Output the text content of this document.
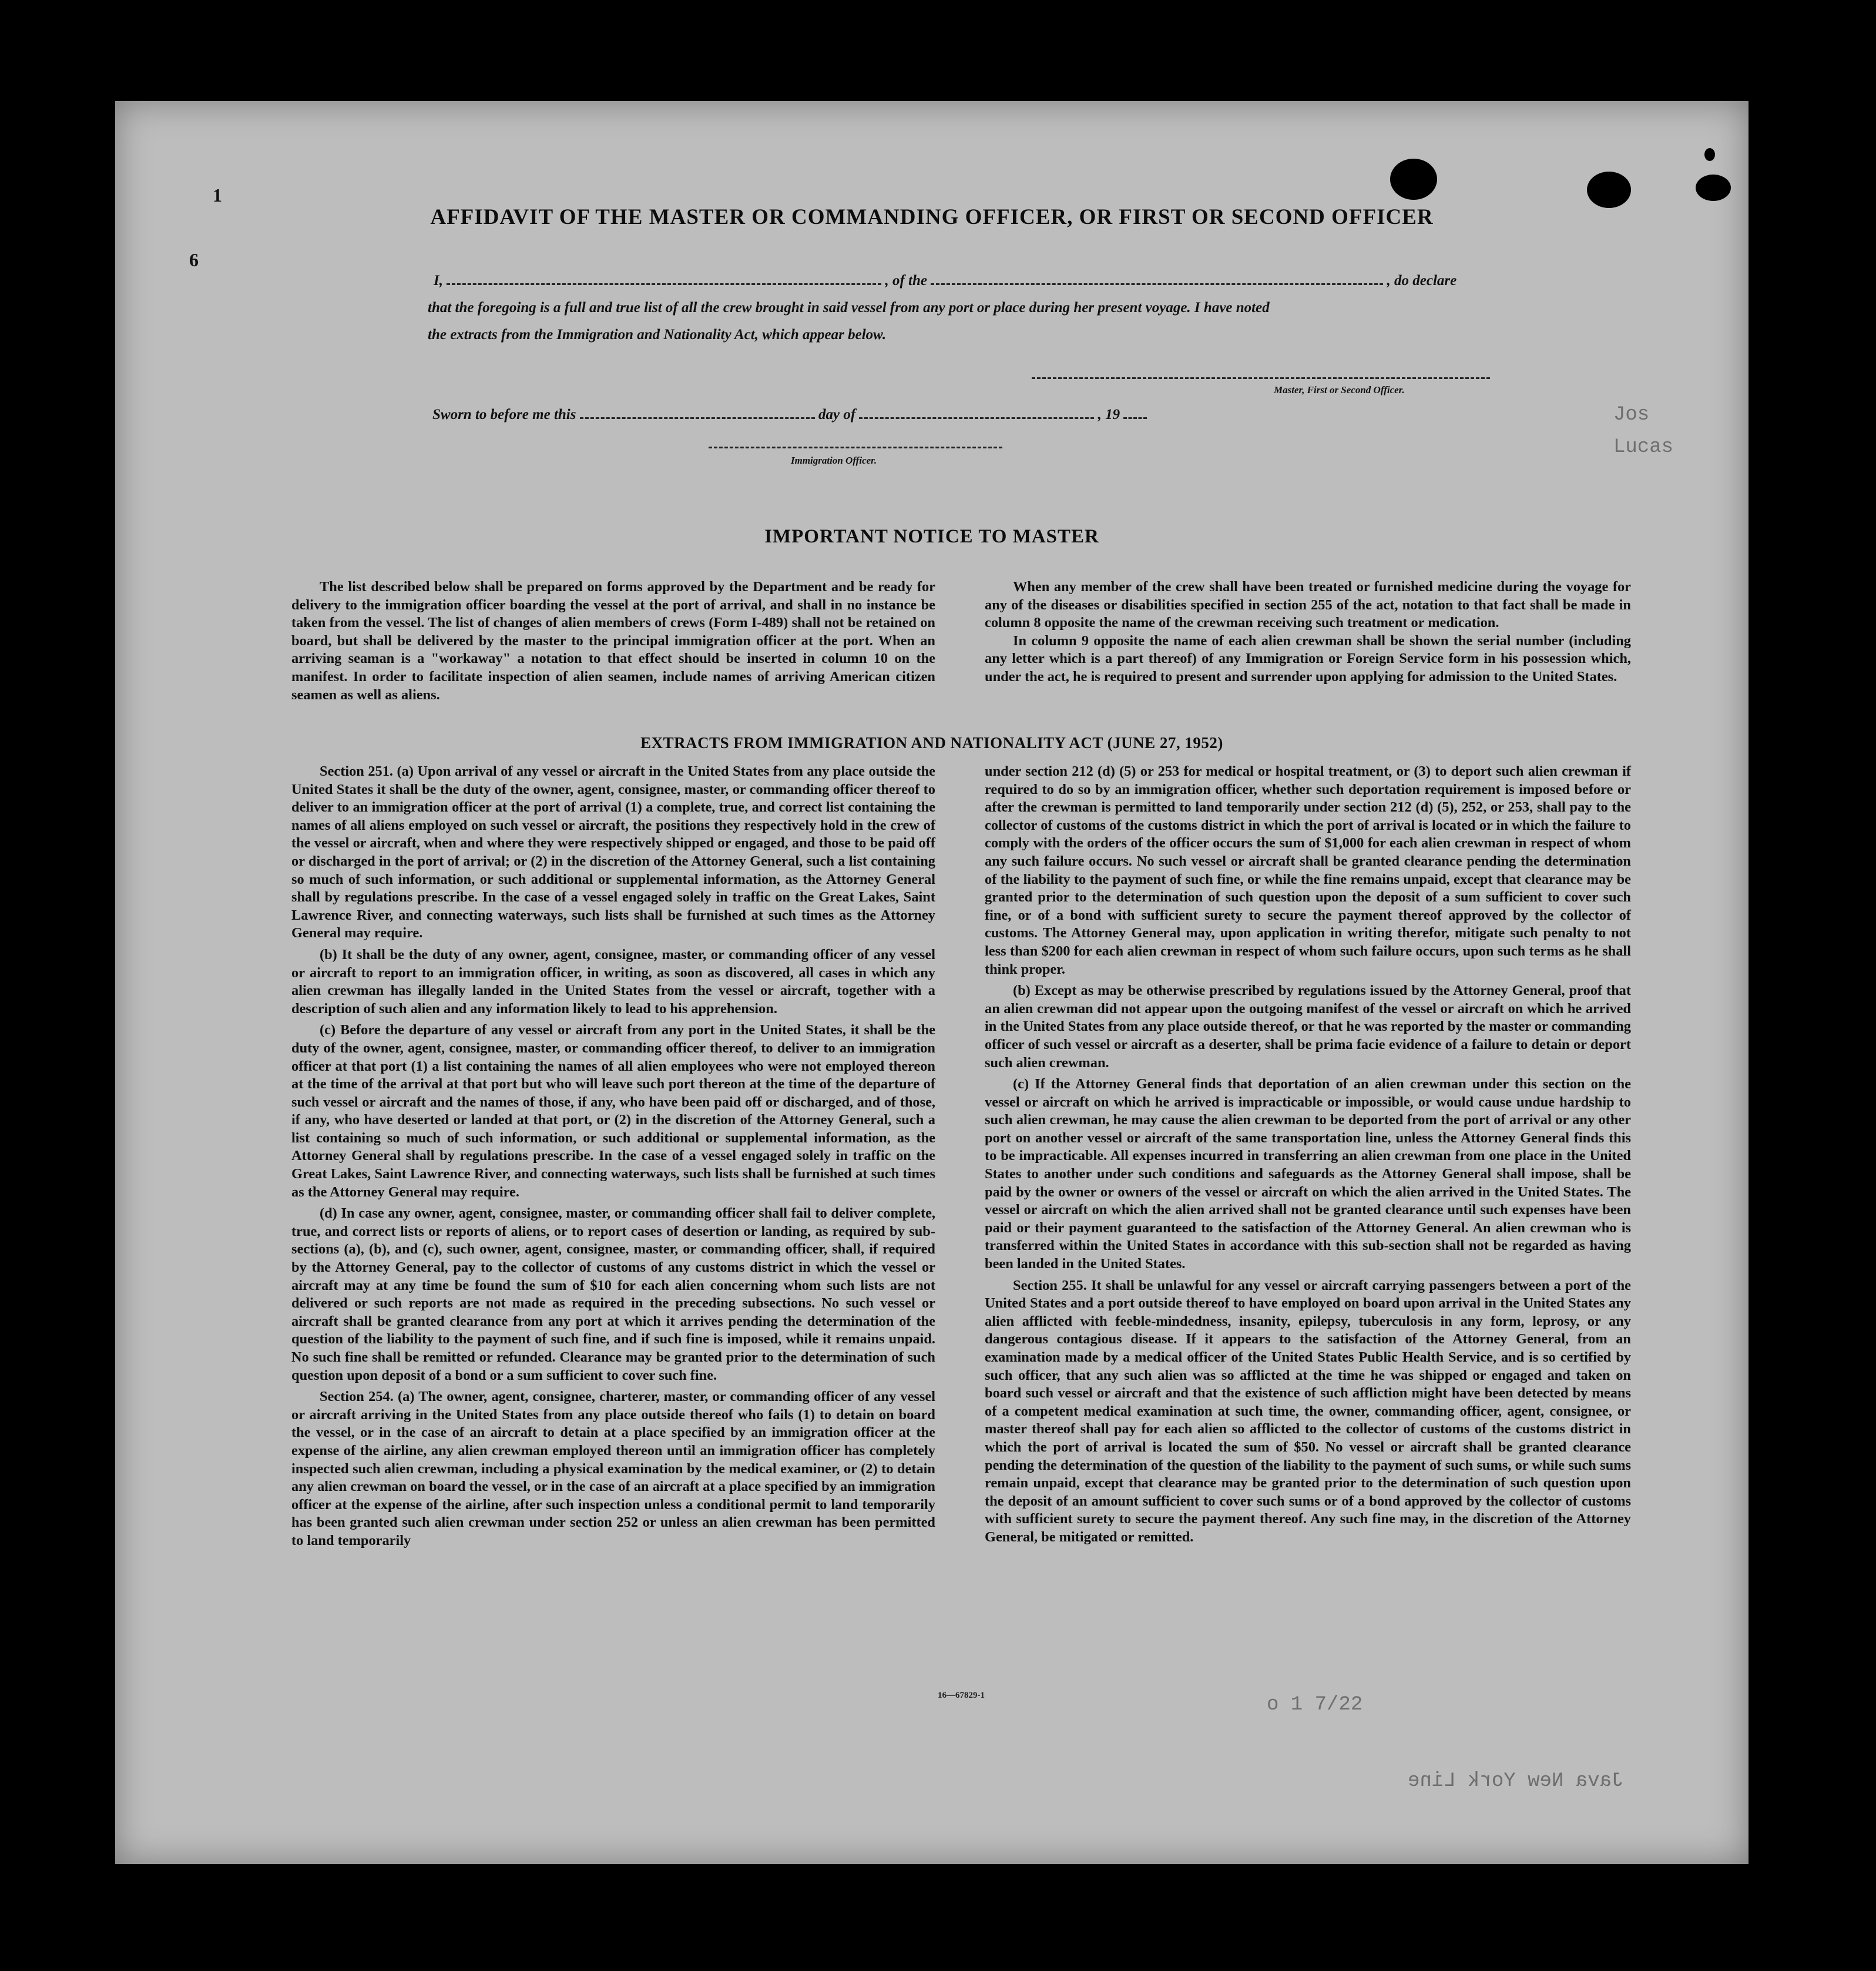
Jos
Lucas
o 1 7/22
Java New York Line
1
6
AFFIDAVIT OF THE MASTER OR COMMANDING OFFICER, OR FIRST OR SECOND OFFICER
I,	, of the	, do declare
that the foregoing is a full and true list of all the crew brought in said vessel from any port or place during her present voyage. I have noted
the extracts from the Immigration and Nationality Act, which appear below.
Master, First or Second Officer.
Sworn to before me this	day of	, 19
Immigration Officer.
IMPORTANT NOTICE TO MASTER

The list described below shall be prepared on forms approved by the Department and be ready for delivery to the immigration officer boarding the vessel at the port of arrival, and shall in no instance be taken from the vessel. The list of changes of alien members of crews (Form I-489) shall not be retained on board, but shall be delivered by the master to the principal immigration officer at the port. When an arriving seaman is a "workaway" a notation to that effect should be inserted in column 10 on the manifest. In order to facilitate inspection of alien seamen, include names of arriving American citizen seamen as well as aliens.

When any member of the crew shall have been treated or furnished medicine during the voyage for any of the diseases or disabilities specified in section 255 of the act, notation to that fact shall be made in column 8 opposite the name of the crewman receiving such treatment or medication.

In column 9 opposite the name of each alien crewman shall be shown the serial number (including any letter which is a part thereof) of any Immigration or Foreign Service form in his possession which, under the act, he is required to present and surrender upon applying for admission to the United States.

EXTRACTS FROM IMMIGRATION AND NATIONALITY ACT (JUNE 27, 1952)

Section 251. (a) Upon arrival of any vessel or aircraft in the United States from any place outside the United States it shall be the duty of the owner, agent, consignee, master, or commanding officer thereof to deliver to an immigration officer at the port of arrival (1) a complete, true, and correct list containing the names of all aliens employed on such vessel or aircraft, the positions they respectively hold in the crew of the vessel or aircraft, when and where they were respectively shipped or engaged, and those to be paid off or discharged in the port of arrival; or (2) in the discretion of the Attorney General, such a list containing so much of such information, or such additional or supplemental information, as the Attorney General shall by regulations prescribe. In the case of a vessel engaged solely in traffic on the Great Lakes, Saint Lawrence River, and connecting waterways, such lists shall be furnished at such times as the Attorney General may require.

(b) It shall be the duty of any owner, agent, consignee, master, or commanding officer of any vessel or aircraft to report to an immigration officer, in writing, as soon as discovered, all cases in which any alien crewman has illegally landed in the United States from the vessel or aircraft, together with a description of such alien and any information likely to lead to his apprehension.

(c) Before the departure of any vessel or aircraft from any port in the United States, it shall be the duty of the owner, agent, consignee, master, or commanding officer thereof, to deliver to an immigration officer at that port (1) a list containing the names of all alien employees who were not employed thereon at the time of the arrival at that port but who will leave such port thereon at the time of the departure of such vessel or aircraft and the names of those, if any, who have been paid off or discharged, and of those, if any, who have deserted or landed at that port, or (2) in the discretion of the Attorney General, such a list containing so much of such information, or such additional or supplemental information, as the Attorney General shall by regulations prescribe. In the case of a vessel engaged solely in traffic on the Great Lakes, Saint Lawrence River, and connecting waterways, such lists shall be furnished at such times as the Attorney General may require.

(d) In case any owner, agent, consignee, master, or commanding officer shall fail to deliver complete, true, and correct lists or reports of aliens, or to report cases of desertion or landing, as required by sub-sections (a), (b), and (c), such owner, agent, consignee, master, or commanding officer, shall, if required by the Attorney General, pay to the collector of customs of any customs district in which the vessel or aircraft may at any time be found the sum of $10 for each alien concerning whom such lists are not delivered or such reports are not made as required in the preceding subsections. No such vessel or aircraft shall be granted clearance from any port at which it arrives pending the determination of the question of the liability to the payment of such fine, and if such fine is imposed, while it remains unpaid. No such fine shall be remitted or refunded. Clearance may be granted prior to the determination of such question upon deposit of a bond or a sum sufficient to cover such fine.

Section 254. (a) The owner, agent, consignee, charterer, master, or commanding officer of any vessel or aircraft arriving in the United States from any place outside thereof who fails (1) to detain on board the vessel, or in the case of an aircraft to detain at a place specified by an immigration officer at the expense of the airline, any alien crewman employed thereon until an immigration officer has completely inspected such alien crewman, including a physical examination by the medical examiner, or (2) to detain any alien crewman on board the vessel, or in the case of an aircraft at a place specified by an immigration officer at the expense of the airline, after such inspection unless a conditional permit to land temporarily has been granted such alien crewman under section 252 or unless an alien crewman has been permitted to land temporarily

under section 212 (d) (5) or 253 for medical or hospital treatment, or (3) to deport such alien crewman if required to do so by an immigration officer, whether such deportation requirement is imposed before or after the crewman is permitted to land temporarily under section 212 (d) (5), 252, or 253, shall pay to the collector of customs of the customs district in which the port of arrival is located or in which the failure to comply with the orders of the officer occurs the sum of $1,000 for each alien crewman in respect of whom any such failure occurs. No such vessel or aircraft shall be granted clearance pending the determination of the liability to the payment of such fine, or while the fine remains unpaid, except that clearance may be granted prior to the determination of such question upon the deposit of a sum sufficient to cover such fine, or of a bond with sufficient surety to secure the payment thereof approved by the collector of customs. The Attorney General may, upon application in writing therefor, mitigate such penalty to not less than $200 for each alien crewman in respect of whom such failure occurs, upon such terms as he shall think proper.

(b) Except as may be otherwise prescribed by regulations issued by the Attorney General, proof that an alien crewman did not appear upon the outgoing manifest of the vessel or aircraft on which he arrived in the United States from any place outside thereof, or that he was reported by the master or commanding officer of such vessel or aircraft as a deserter, shall be prima facie evidence of a failure to detain or deport such alien crewman.

(c) If the Attorney General finds that deportation of an alien crewman under this section on the vessel or aircraft on which he arrived is impracticable or impossible, or would cause undue hardship to such alien crewman, he may cause the alien crewman to be deported from the port of arrival or any other port on another vessel or aircraft of the same transportation line, unless the Attorney General finds this to be impracticable. All expenses incurred in transferring an alien crewman from one place in the United States to another under such conditions and safeguards as the Attorney General shall impose, shall be paid by the owner or owners of the vessel or aircraft on which the alien arrived in the United States. The vessel or aircraft on which the alien arrived shall not be granted clearance until such expenses have been paid or their payment guaranteed to the satisfaction of the Attorney General. An alien crewman who is transferred within the United States in accordance with this sub-section shall not be regarded as having been landed in the United States.

Section 255. It shall be unlawful for any vessel or aircraft carrying passengers between a port of the United States and a port outside thereof to have employed on board upon arrival in the United States any alien afflicted with feeble-mindedness, insanity, epilepsy, tuberculosis in any form, leprosy, or any dangerous contagious disease. If it appears to the satisfaction of the Attorney General, from an examination made by a medical officer of the United States Public Health Service, and is so certified by such officer, that any such alien was so afflicted at the time he was shipped or engaged and taken on board such vessel or aircraft and that the existence of such affliction might have been detected by means of a competent medical examination at such time, the owner, commanding officer, agent, consignee, or master thereof shall pay for each alien so afflicted to the collector of customs of the customs district in which the port of arrival is located the sum of $50. No vessel or aircraft shall be granted clearance pending the determination of the question of the liability to the payment of such sums, or while such sums remain unpaid, except that clearance may be granted prior to the determination of such question upon the deposit of an amount sufficient to cover such sums or of a bond approved by the collector of customs with sufficient surety to secure the payment thereof. Any such fine may, in the discretion of the Attorney General, be mitigated or remitted.

16—67829-1
